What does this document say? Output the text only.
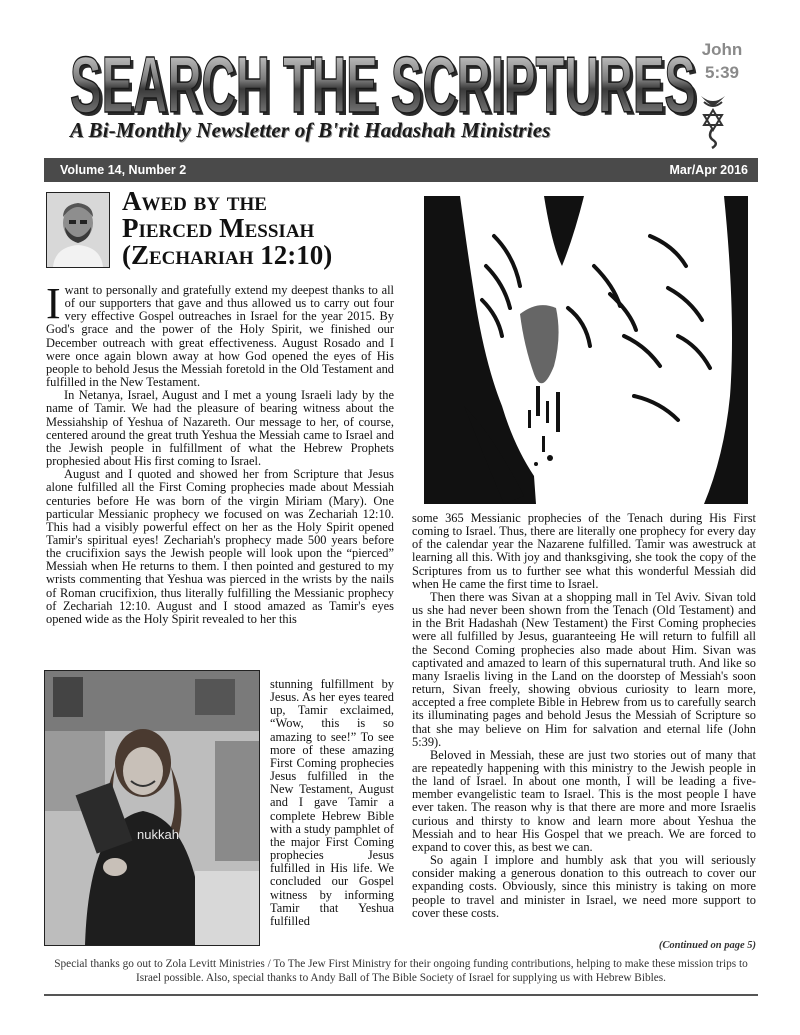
SEARCH THE SCRIPTURES
SEARCH THE SCRIPTURES John
5:39
A Bi-Monthly Newsletter of B'rit Hadashah Ministries
Volume 14, Number 2	Mar/Apr 2016
Awed by the
Pierced Messiah
(Zechariah 12:10)

Iwant to personally and gratefully extend my deepest thanks to all of our supporters that gave and thus allowed us to carry out four very effective Gospel outreaches in Israel for the year 2015. By God's grace and the power of the Holy Spirit, we finished our December outreach with great effectiveness. August Rosado and I were once again blown away at how God opened the eyes of His people to behold Jesus the Messiah foretold in the Old Testament and fulfilled in the New Testament.

In Netanya, Israel, August and I met a young Israeli lady by the name of Tamir. We had the pleasure of bearing witness about the Messiahship of Yeshua of Nazareth. Our message to her, of course, centered around the great truth Yeshua the Messiah came to Israel and the Jewish people in fulfillment of what the Hebrew Prophets prophesied about His first coming to Israel.

August and I quoted and showed her from Scripture that Jesus alone fulfilled all the First Coming prophecies made about Messiah centuries before He was born of the virgin Miriam (Mary). One particular Messianic prophecy we focused on was Zechariah 12:10. This had a visibly powerful effect on her as the Holy Spirit opened Tamir's spiritual eyes! Zechariah's prophecy made 500 years before the crucifixion says the Jewish people will look upon the “pierced” Messiah when He returns to them. I then pointed and gestured to my wrists commenting that Yeshua was pierced in the wrists by the nails of Roman crucifixion, thus literally fulfilling the Messianic prophecy of Zechariah 12:10. August and I stood amazed as Tamir's eyes opened wide as the Holy Spirit revealed to her this

nukkah

stunning fulfillment by Jesus. As her eyes teared up, Tamir exclaimed, “Wow, this is so amazing to see!” To see more of these amazing First Coming prophecies Jesus fulfilled in the New Testament, August and I gave Tamir a complete Hebrew Bible with a study pamphlet of the major First Coming prophecies Jesus fulfilled in His life. We concluded our Gospel witness by informing Tamir that Yeshua fulfilled

some 365 Messianic prophecies of the Tenach during His First coming to Israel. Thus, there are literally one prophecy for every day of the calendar year the Nazarene fulfilled. Tamir was awestruck at learning all this. With joy and thanksgiving, she took the copy of the Scriptures from us to further see what this wonderful Messiah did when He came the first time to Israel.

Then there was Sivan at a shopping mall in Tel Aviv. Sivan told us she had never been shown from the Tenach (Old Testament) and in the Brit Hadashah (New Testament) the First Coming prophecies were all fulfilled by Jesus, guaranteeing He will return to fulfill all the Second Coming prophecies also made about Him. Sivan was captivated and amazed to learn of this supernatural truth. And like so many Israelis living in the Land on the doorstep of Messiah's soon return, Sivan freely, showing obvious curiosity to learn more, accepted a free complete Bible in Hebrew from us to carefully search its illuminating pages and behold Jesus the Messiah of Scripture so that she may believe on Him for salvation and eternal life (John 5:39).

Beloved in Messiah, these are just two stories out of many that are repeatedly happening with this ministry to the Jewish people in the land of Israel. In about one month, I will be leading a five-member evangelistic team to Israel. This is the most people I have ever taken. The reason why is that there are more and more Israelis curious and thirsty to know and learn more about Yeshua the Messiah and to hear His Gospel that we preach. We are forced to expand to cover this, as best we can.

So again I implore and humbly ask that you will seriously consider making a generous donation to this outreach to cover our expanding costs. Obviously, since this ministry is taking on more people to travel and minister in Israel, we need more support to cover these costs.

(Continued on page 5)
Special thanks go out to Zola Levitt Ministries / To The Jew First Ministry for their ongoing funding contributions, helping to make these mission trips to Israel possible. Also, special thanks to Andy Ball of The Bible Society of Israel for supplying us with Hebrew Bibles.
